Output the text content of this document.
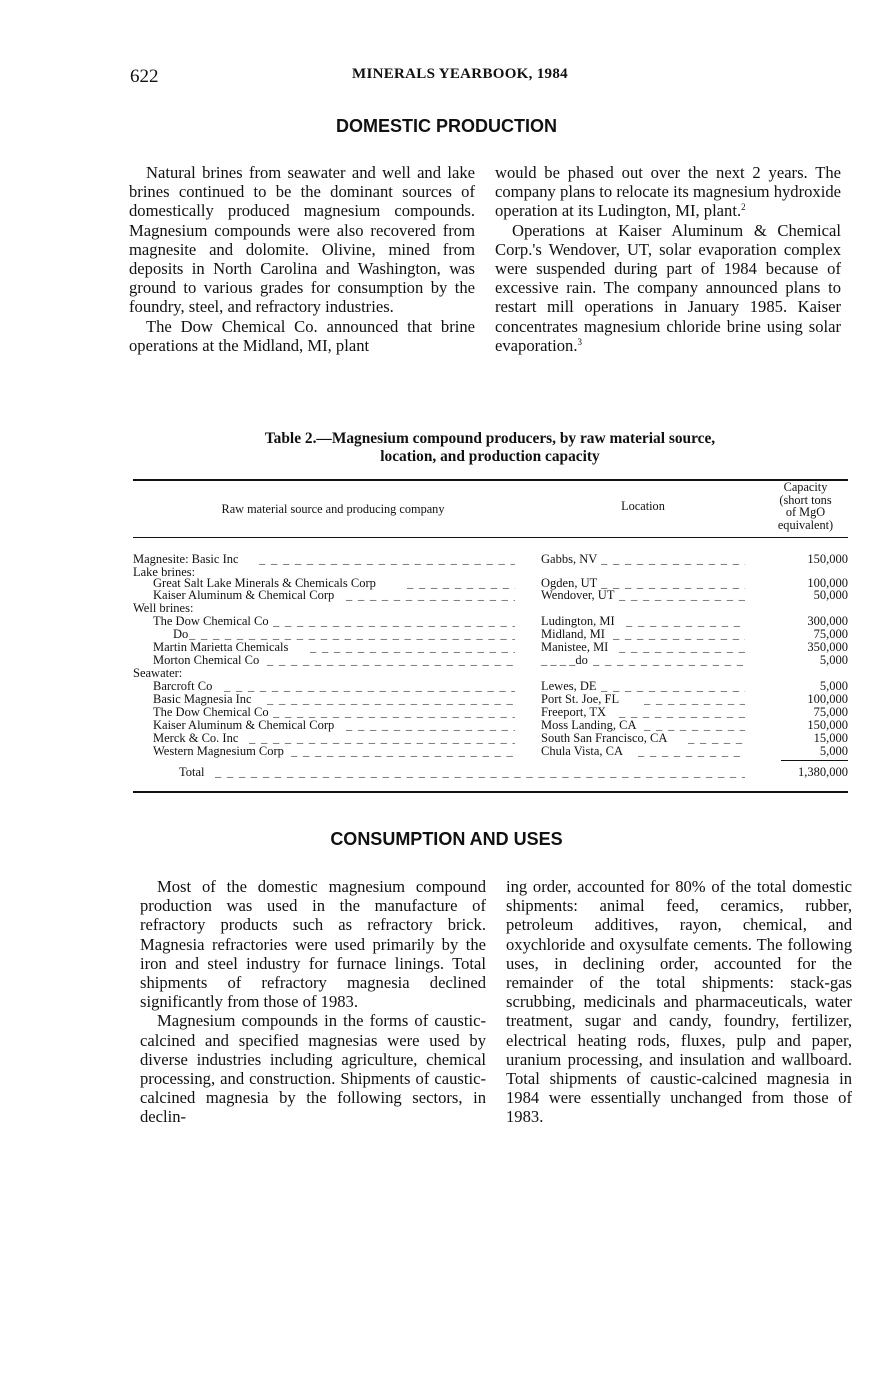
622	MINERALS YEARBOOK, 1984
DOMESTIC PRODUCTION

Natural brines from seawater and well and lake brines continued to be the dominant sources of domestically produced magnesium compounds. Magnesium compounds were also recovered from magnesite and dolomite. Olivine, mined from deposits in North Carolina and Washington, was ground to various grades for consumption by the foundry, steel, and refractory industries.

The Dow Chemical Co. announced that brine operations at the Midland, MI, plant

would be phased out over the next 2 years. The company plans to relocate its magnesium hydroxide operation at its Ludington, MI, plant.$^2$

Operations at Kaiser Aluminum & Chemical Corp.'s Wendover, UT, solar evaporation complex were suspended during part of 1984 because of excessive rain. The company announced plans to restart mill operations in January 1985. Kaiser concentrates magnesium chloride brine using solar evaporation.$^3$

Table 2.—Magnesium compound producers, by raw material source,
location, and production capacity
Raw material source and producing company	Location
Capacity
(short tons
of MgO
equivalent)
Magnesite: Basic Inc _ _ _	Gabbs, NV _ _ _	150,000
Lake brines:
Great Salt Lake Minerals & Chemicals Corp _ _ _	Ogden, UT _ _ _	100,000
Kaiser Aluminum & Chemical Corp _ _ _	Wendover, UT _ _ _	50,000
Well brines:
The Dow Chemical Co _ _ _	Ludington, MI _ _ _	300,000
Do _ _ _	Midland, MI _ _ _	75,000
Martin Marietta Chemicals _ _ _	Manistee, MI _ _ _	350,000
Morton Chemical Co _ _ _	_ _ _ _do _ _ _	5,000
Seawater:
Barcroft Co _ _ _	Lewes, DE _ _ _	5,000
Basic Magnesia Inc _ _ _	Port St. Joe, FL _ _ _	100,000
The Dow Chemical Co _ _ _	Freeport, TX _ _ _	75,000
Kaiser Aluminum & Chemical Corp _ _ _	Moss Landing, CA _ _ _	150,000
Merck & Co. Inc _ _ _	South San Francisco, CA _ _ _	15,000
Western Magnesium Corp _ _ _	Chula Vista, CA _ _ _	5,000
Total _ _ _	1,380,000
CONSUMPTION AND USES

Most of the domestic magnesium compound production was used in the manufacture of refractory products such as refractory brick. Magnesia refractories were used primarily by the iron and steel industry for furnace linings. Total shipments of refractory magnesia declined significantly from those of 1983.

Magnesium compounds in the forms of caustic-calcined and specified magnesias were used by diverse industries including agriculture, chemical processing, and construction. Shipments of caustic-calcined magnesia by the following sectors, in declin-

ing order, accounted for 80% of the total domestic shipments: animal feed, ceramics, rubber, petroleum additives, rayon, chemical, and oxychloride and oxysulfate cements. The following uses, in declining order, accounted for the remainder of the total shipments: stack-gas scrubbing, medicinals and pharmaceuticals, water treatment, sugar and candy, foundry, fertilizer, electrical heating rods, fluxes, pulp and paper, uranium processing, and insulation and wallboard. Total shipments of caustic-calcined magnesia in 1984 were essentially unchanged from those of 1983.
